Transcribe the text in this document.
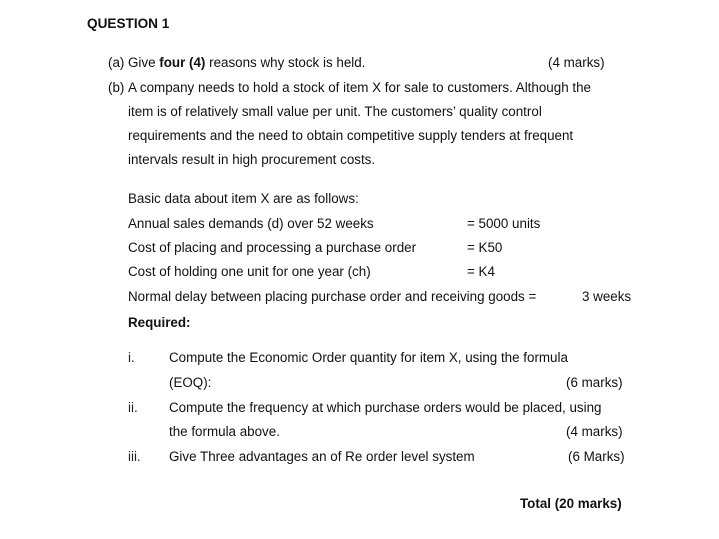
QUESTION 1
(a) Give four (4) reasons why stock is held.	(4 marks)
(b) A company needs to hold a stock of item X for sale to customers. Although the
item is of relatively small value per unit. The customers’ quality control
requirements and the need to obtain competitive supply tenders at frequent
intervals result in high procurement costs.
Basic data about item X are as follows:
Annual sales demands (d) over 52 weeks	= 5000 units
Cost of placing and processing a purchase order	= K50
Cost of holding one unit for one year (ch)	= K4
Normal delay between placing purchase order and receiving goods =	3 weeks
Required:
i.	Compute the Economic Order quantity for item X, using the formula
(EOQ):	(6 marks)
ii. Compute the frequency at which purchase orders would be placed, using
the formula above.	(4 marks)
iii. Give Three advantages an of Re order level system	(6 Marks)
Total (20 marks)
